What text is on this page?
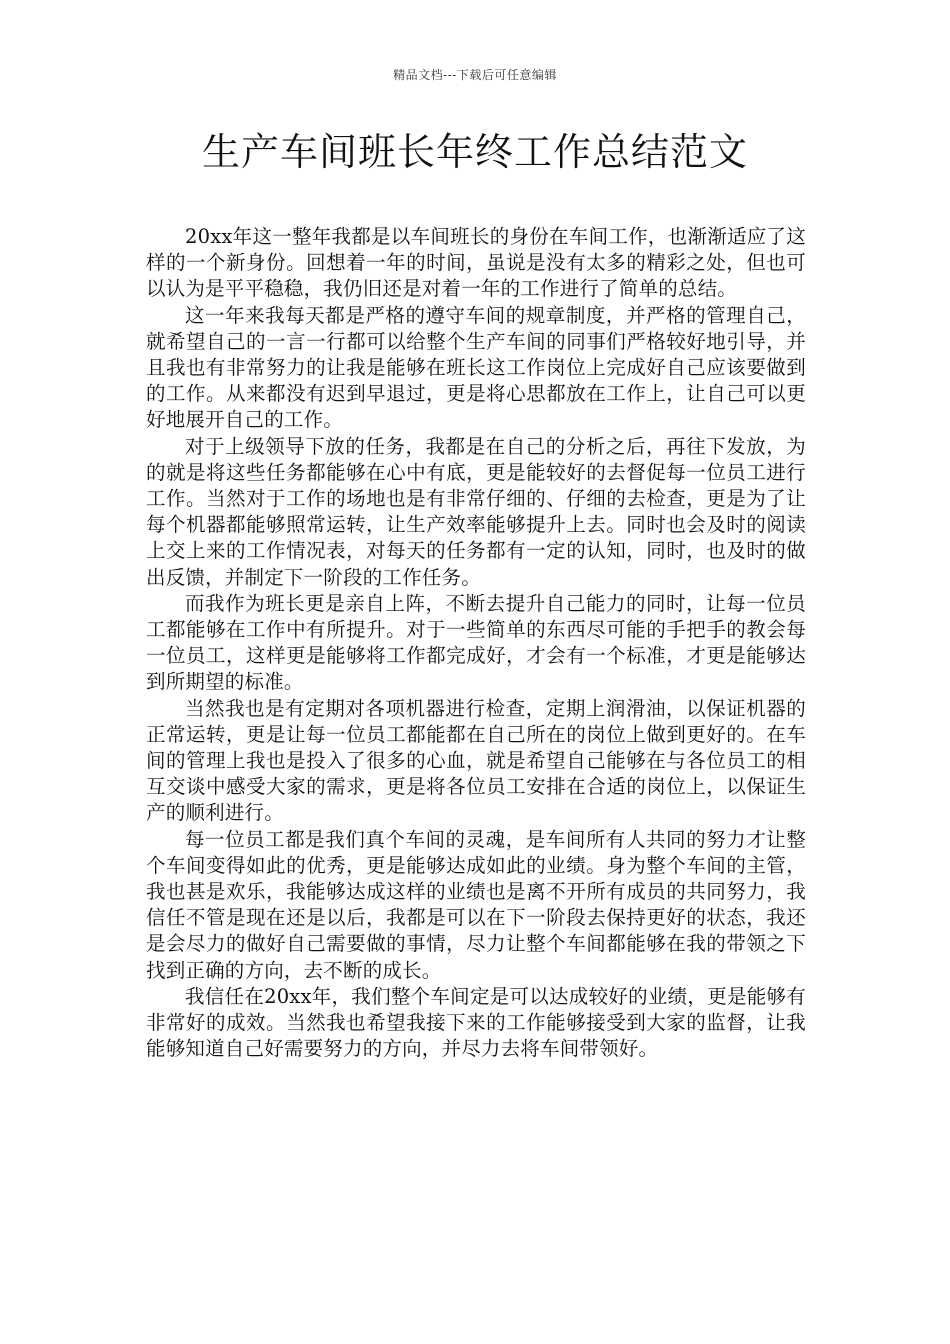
精品文档---下载后可任意编辑
生产车间班长年终工作总结范文

20xx年这一整年我都是以车间班长的身份在车间工作，也渐渐适应了这样的一个新身份。回想着一年的时间，虽说是没有太多的精彩之处，但也可以认为是平平稳稳，我仍旧还是对着一年的工作进行了简单的总结。

这一年来我每天都是严格的遵守车间的规章制度，并严格的管理自己，就希望自己的一言一行都可以给整个生产车间的同事们严格较好地引导，并且我也有非常努力的让我是能够在班长这工作岗位上完成好自己应该要做到的工作。从来都没有迟到早退过，更是将心思都放在工作上，让自己可以更好地展开自己的工作。

对于上级领导下放的任务，我都是在自己的分析之后，再往下发放，为的就是将这些任务都能够在心中有底，更是能较好的去督促每一位员工进行工作。当然对于工作的场地也是有非常仔细的、仔细的去检查，更是为了让每个机器都能够照常运转，让生产效率能够提升上去。同时也会及时的阅读上交上来的工作情况表，对每天的任务都有一定的认知，同时，也及时的做出反馈，并制定下一阶段的工作任务。

而我作为班长更是亲自上阵，不断去提升自己能力的同时，让每一位员工都能够在工作中有所提升。对于一些简单的东西尽可能的手把手的教会每一位员工，这样更是能够将工作都完成好，才会有一个标准，才更是能够达到所期望的标准。

当然我也是有定期对各项机器进行检查，定期上润滑油，以保证机器的正常运转，更是让每一位员工都能都在自己所在的岗位上做到更好的。在车间的管理上我也是投入了很多的心血，就是希望自己能够在与各位员工的相互交谈中感受大家的需求，更是将各位员工安排在合适的岗位上，以保证生产的顺利进行。

每一位员工都是我们真个车间的灵魂，是车间所有人共同的努力才让整个车间变得如此的优秀，更是能够达成如此的业绩。身为整个车间的主管，我也甚是欢乐，我能够达成这样的业绩也是离不开所有成员的共同努力，我信任不管是现在还是以后，我都是可以在下一阶段去保持更好的状态，我还是会尽力的做好自己需要做的事情，尽力让整个车间都能够在我的带领之下找到正确的方向，去不断的成长。

我信任在20xx年，我们整个车间定是可以达成较好的业绩，更是能够有非常好的成效。当然我也希望我接下来的工作能够接受到大家的监督，让我能够知道自己好需要努力的方向，并尽力去将车间带领好。
